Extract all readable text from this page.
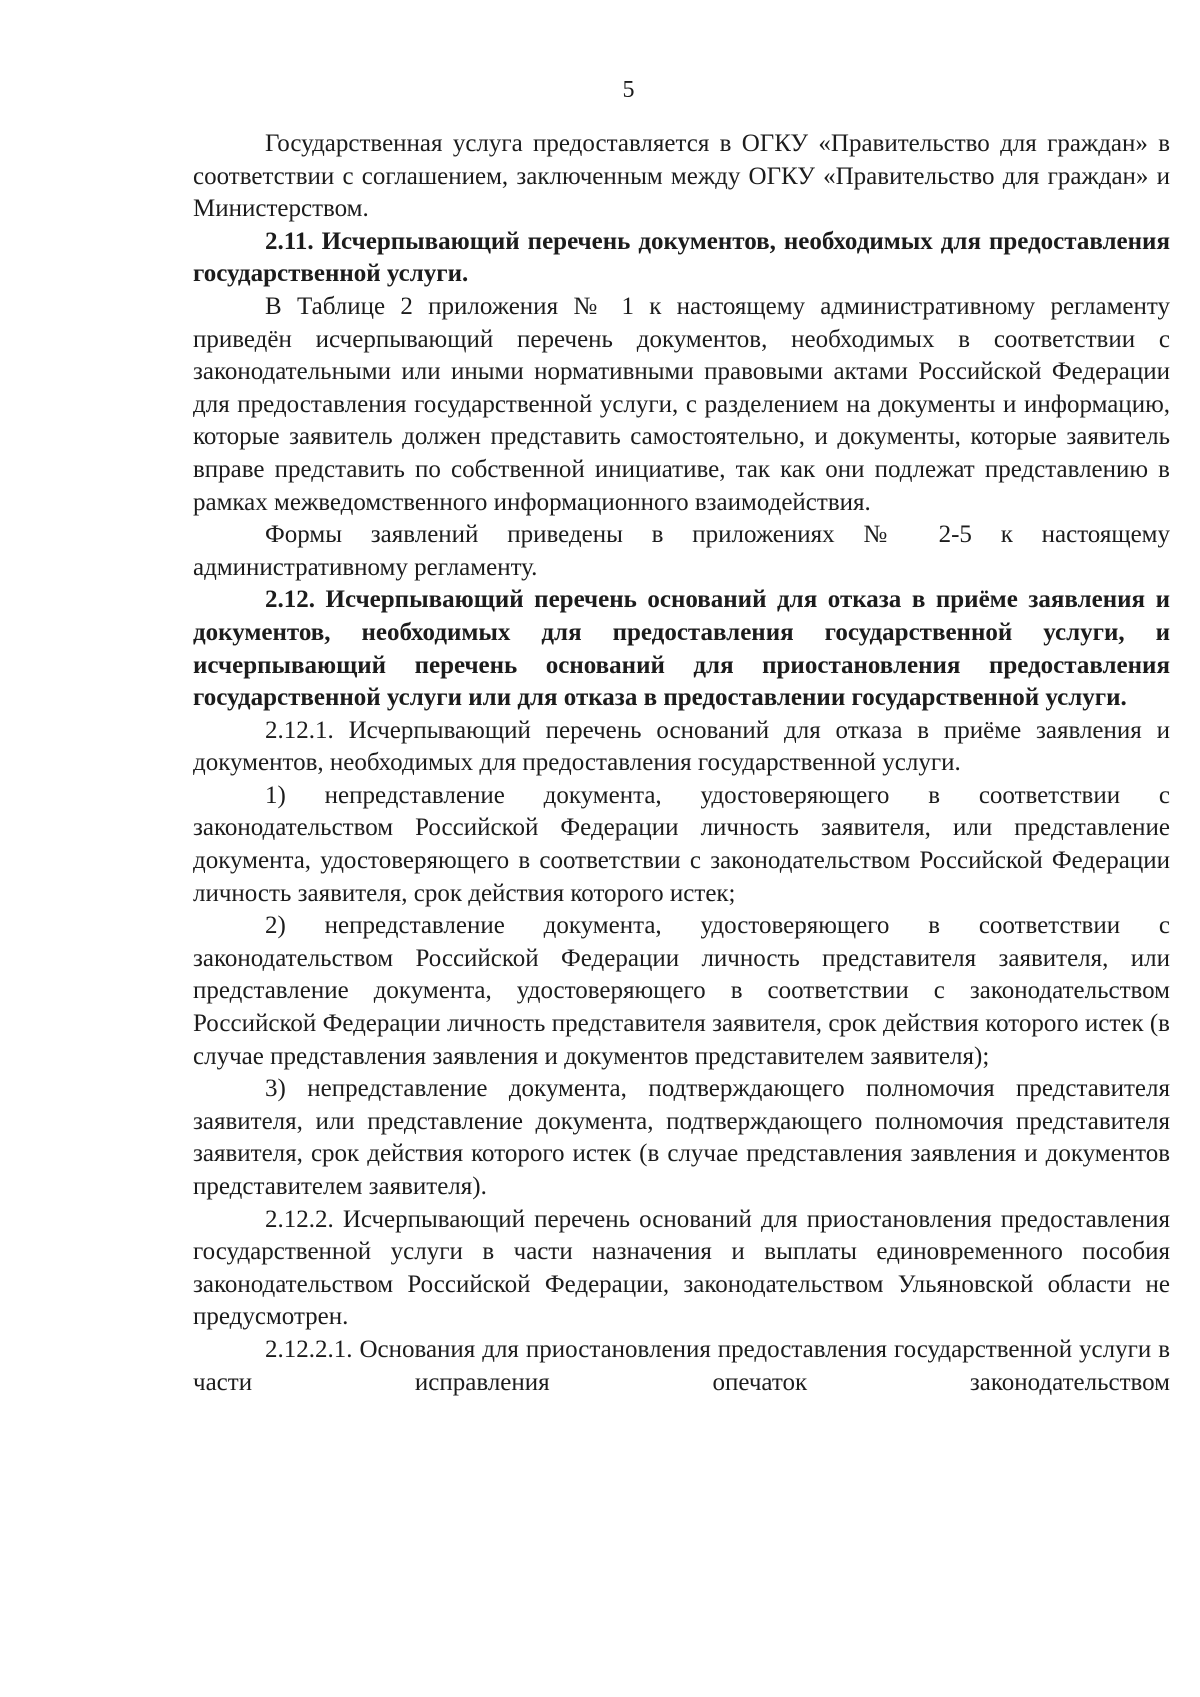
5

Государственная услуга предоставляется в ОГКУ «Правительство для граждан» в соответствии с соглашением, заключенным между ОГКУ «Правительство для граждан» и Министерством.

2.11. Исчерпывающий перечень документов, необходимых для предоставления государственной услуги.

В Таблице 2 приложения № 1 к настоящему административному регламенту приведён исчерпывающий перечень документов, необходимых в соответствии с законодательными или иными нормативными правовыми актами Российской Федерации для предоставления государственной услуги, с разделением на документы и информацию, которые заявитель должен представить самостоятельно, и документы, которые заявитель вправе представить по собственной инициативе, так как они подлежат представлению в рамках межведомственного информационного взаимодействия.

Формы заявлений приведены в приложениях № 2-5 к настоящему административному регламенту.

2.12. Исчерпывающий перечень оснований для отказа в приёме заявления и документов, необходимых для предоставления государственной услуги, и исчерпывающий перечень оснований для приостановления предоставления государственной услуги или для отказа в предоставлении государственной услуги.

2.12.1. Исчерпывающий перечень оснований для отказа в приёме заявления и документов, необходимых для предоставления государственной услуги.

1) непредставление документа, удостоверяющего в соответствии с законодательством Российской Федерации личность заявителя, или представление документа, удостоверяющего в соответствии с законодательством Российской Федерации личность заявителя, срок действия которого истек;

2) непредставление документа, удостоверяющего в соответствии с законодательством Российской Федерации личность представителя заявителя, или представление документа, удостоверяющего в соответствии с законодательством Российской Федерации личность представителя заявителя, срок действия которого истек (в случае представления заявления и документов представителем заявителя);

3) непредставление документа, подтверждающего полномочия представителя заявителя, или представление документа, подтверждающего полномочия представителя заявителя, срок действия которого истек (в случае представления заявления и документов представителем заявителя).

2.12.2. Исчерпывающий перечень оснований для приостановления предоставления государственной услуги в части назначения и выплаты единовременного пособия законодательством Российской Федерации, законодательством Ульяновской области не предусмотрен.

2.12.2.1. Основания для приостановления предоставления государственной услуги в части исправления опечаток законодательством
